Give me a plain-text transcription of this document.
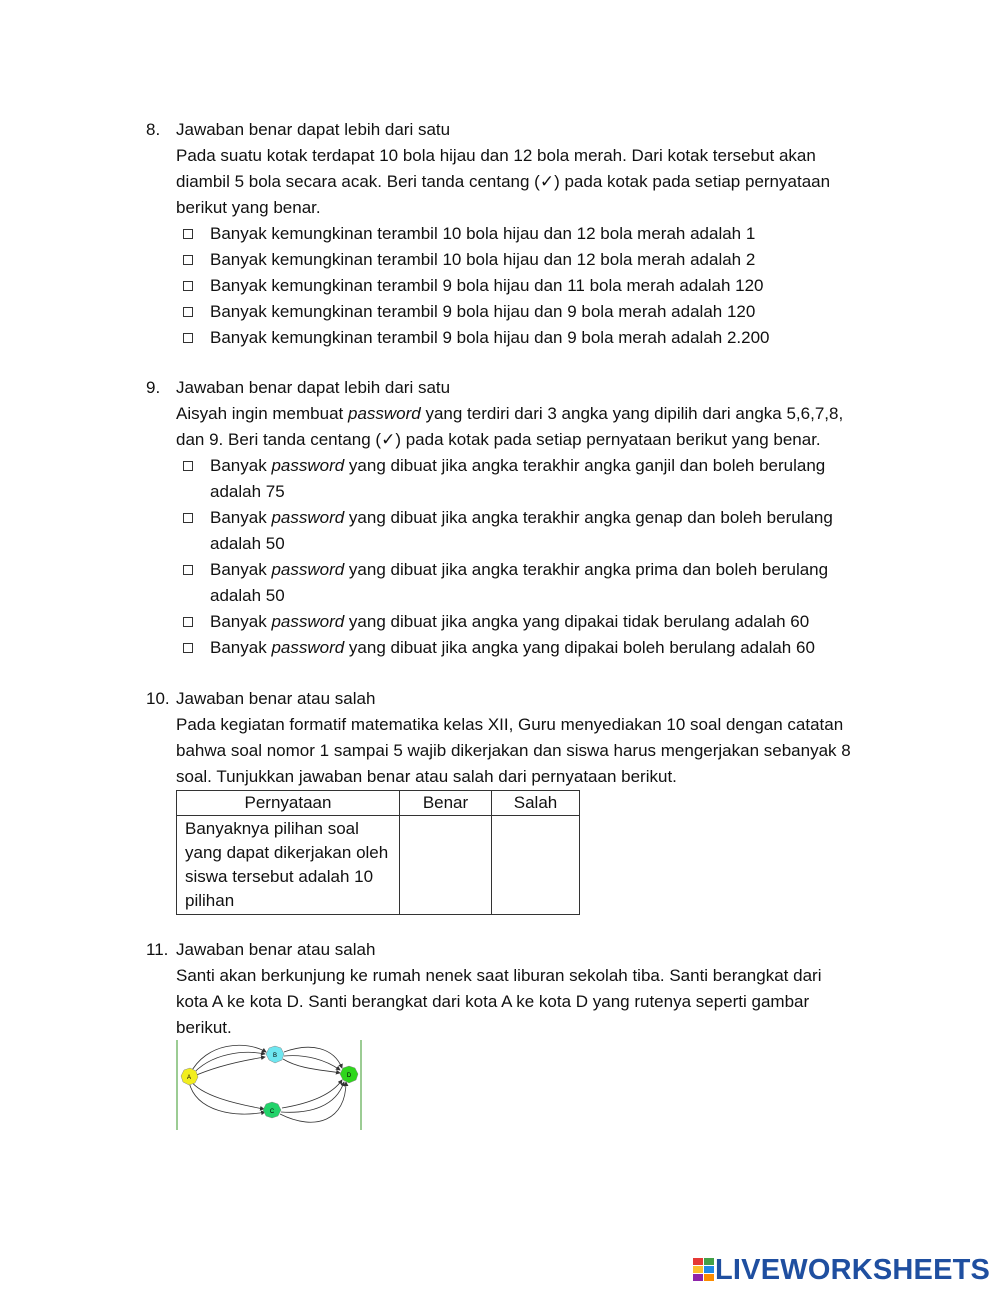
8. Jawaban benar dapat lebih dari satu
Pada suatu kotak terdapat 10 bola hijau dan 12 bola merah. Dari kotak tersebut akan
diambil 5 bola secara acak. Beri tanda centang (✓) pada kotak pada setiap pernyataan
berikut yang benar.
Banyak kemungkinan terambil 10 bola hijau dan 12 bola merah adalah 1
Banyak kemungkinan terambil 10 bola hijau dan 12 bola merah adalah 2
Banyak kemungkinan terambil 9 bola hijau dan 11 bola merah adalah 120
Banyak kemungkinan terambil 9 bola hijau dan 9 bola merah adalah 120
Banyak kemungkinan terambil 9 bola hijau dan 9 bola merah adalah 2.200
9. Jawaban benar dapat lebih dari satu
Aisyah ingin membuat password yang terdiri dari 3 angka yang dipilih dari angka 5,6,7,8,
dan 9. Beri tanda centang (✓) pada kotak pada setiap pernyataan berikut yang benar.
Banyak password yang dibuat jika angka terakhir angka ganjil dan boleh berulang
adalah 75
Banyak password yang dibuat jika angka terakhir angka genap dan boleh berulang
adalah 50
Banyak password yang dibuat jika angka terakhir angka prima dan boleh berulang
adalah 50
Banyak password yang dibuat jika angka yang dipakai tidak berulang adalah 60
Banyak password yang dibuat jika angka yang dipakai boleh berulang adalah 60
10. Jawaban benar atau salah
Pada kegiatan formatif matematika kelas XII, Guru menyediakan 10 soal dengan catatan
bahwa soal nomor 1 sampai 5 wajib dikerjakan dan siswa harus mengerjakan sebanyak 8
soal. Tunjukkan jawaban benar atau salah dari pernyataan berikut.
Pernyataan	Benar	Salah

Banyaknya pilihan soal
yang dapat dikerjakan oleh
siswa tersebut adalah 10
pilihan		

11. Jawaban benar atau salah
Santi akan berkunjung ke rumah nenek saat liburan sekolah tiba. Santi berangkat dari
kota A ke kota D. Santi berangkat dari kota A ke kota D yang rutenya seperti gambar
berikut.
A
B
C
D
LIVEWORKSHEETS
